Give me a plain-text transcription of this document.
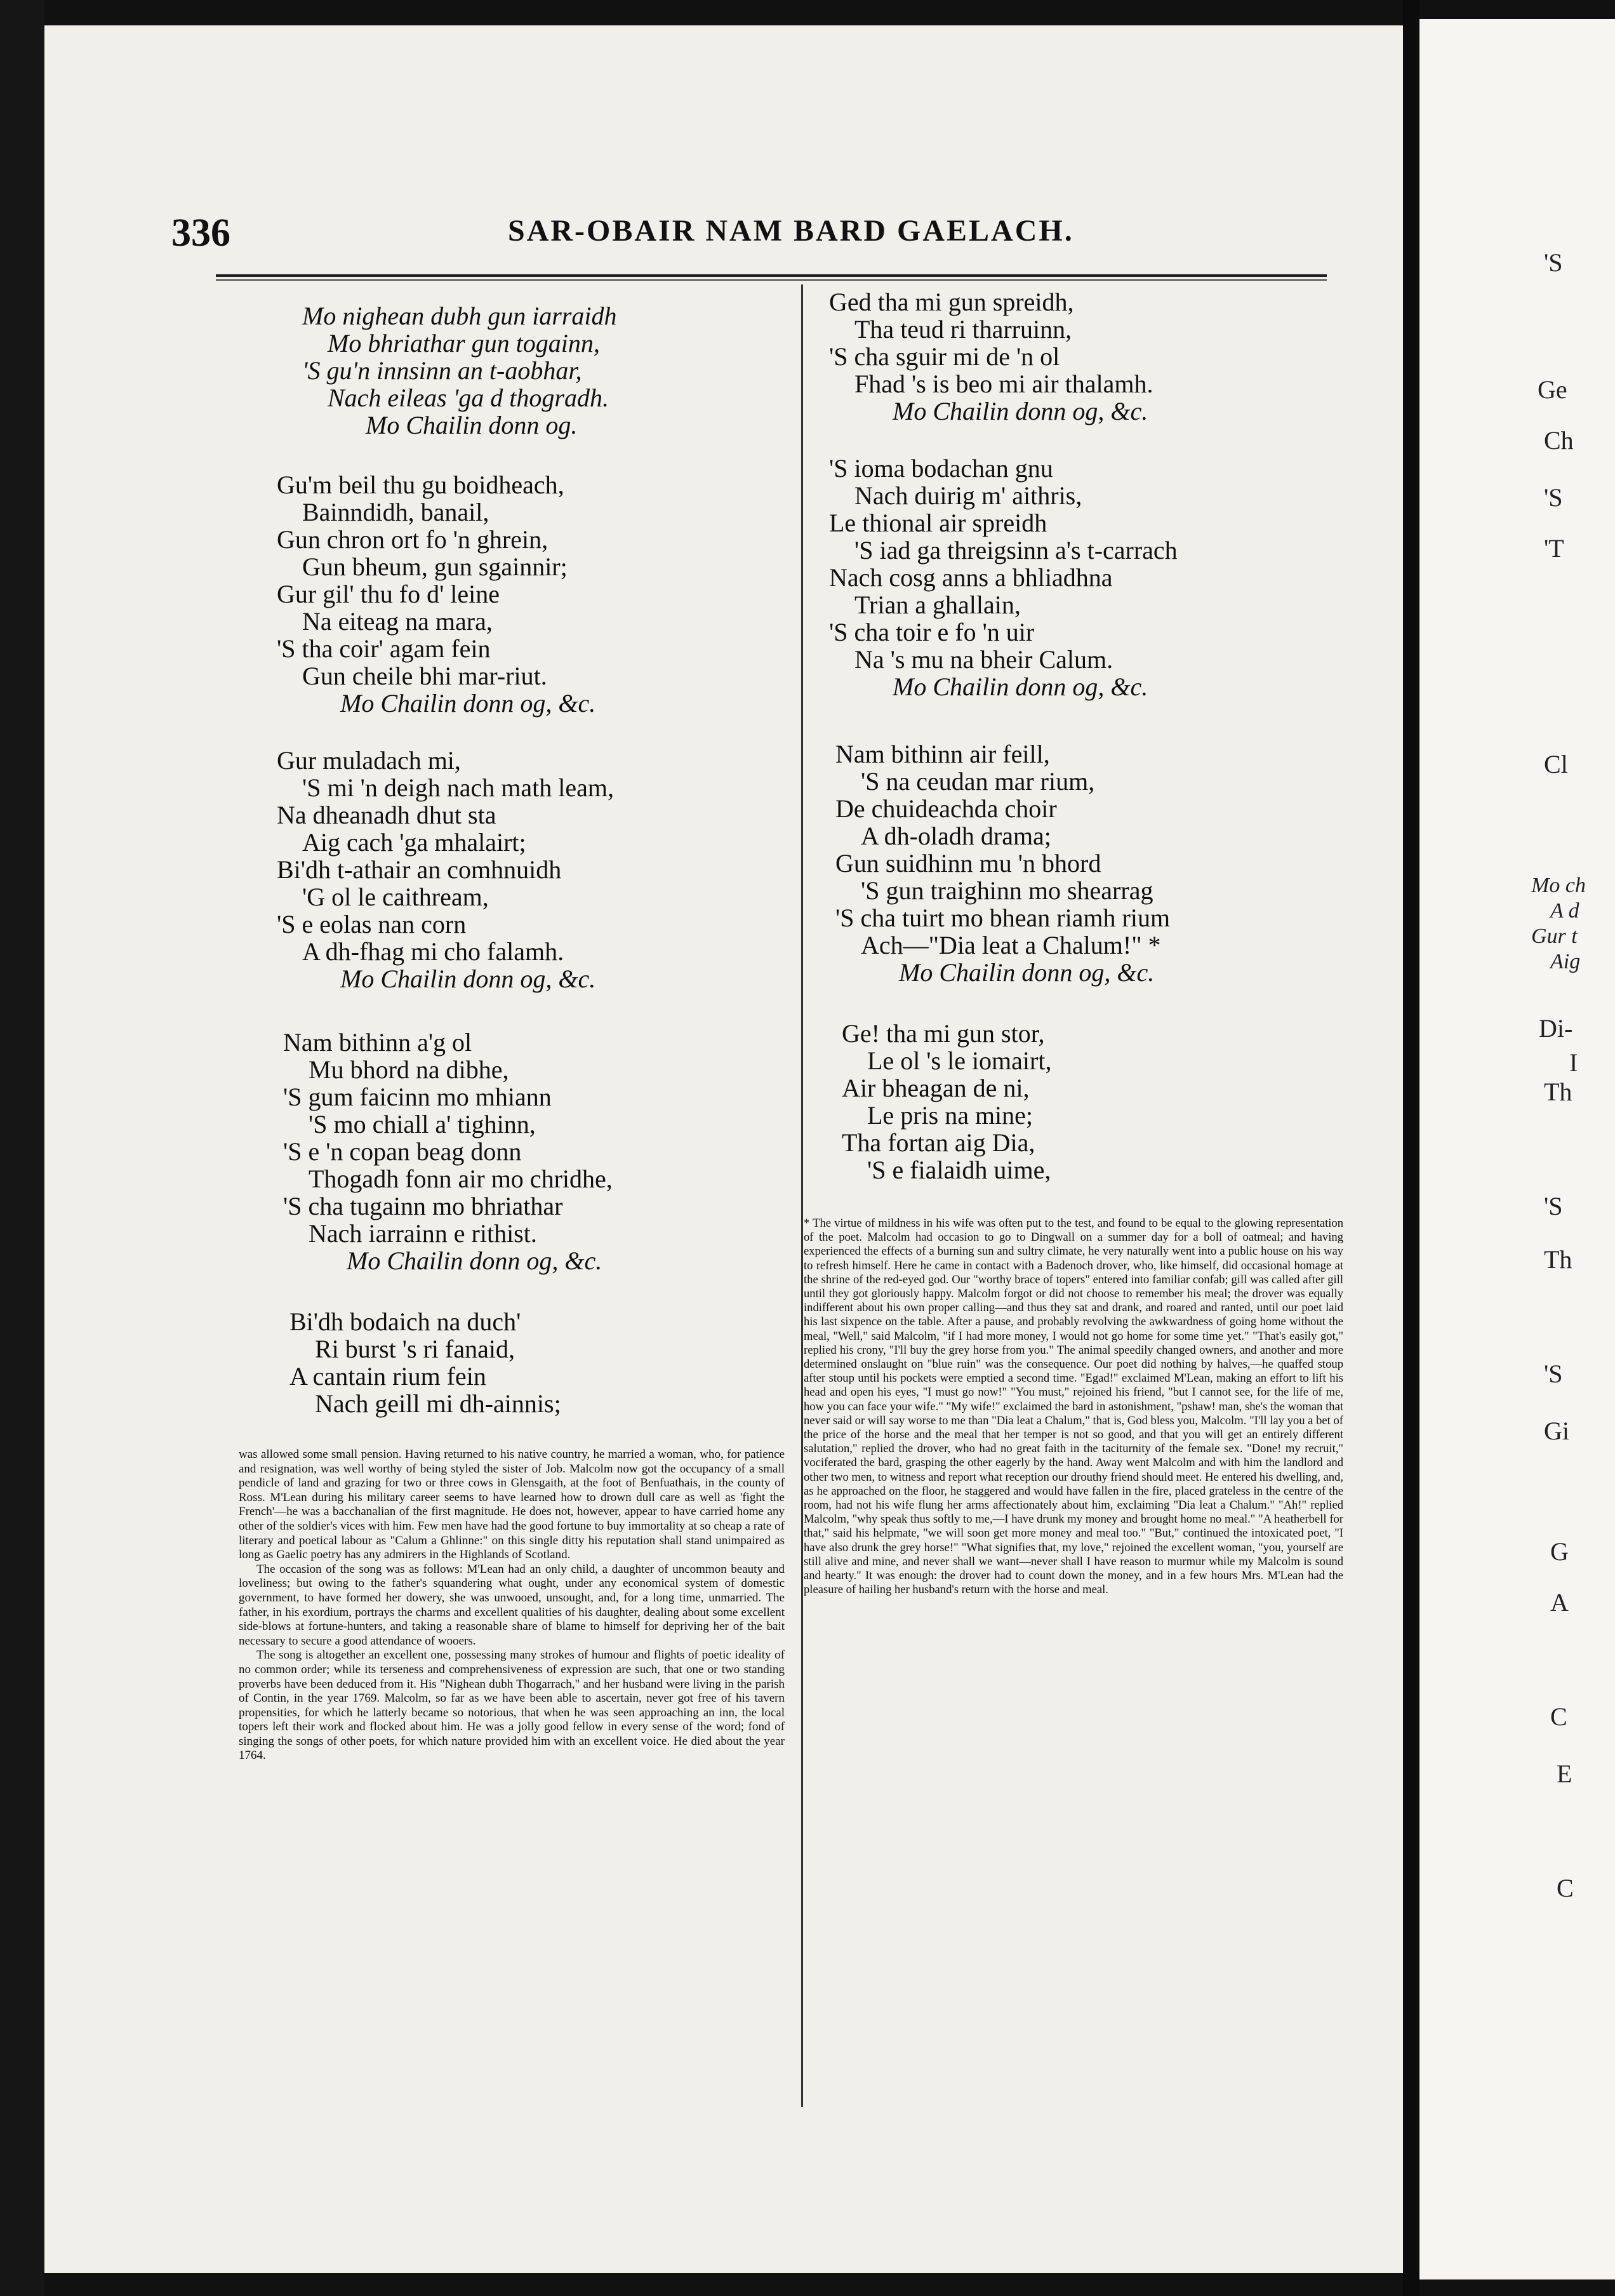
'S
Ge
Ch
'S
'T
Cl
Mo ch
A d
Gur t
Aig
Di-
I
Th
'S
Th
'S
Gi
G
A
C
E
C
336	SAR-OBAIR NAM BARD GAELACH.
Mo nighean dubh gun iarraidh
Mo bhriathar gun togainn,
'S gu'n innsinn an t-aobhar,
Nach eileas 'ga d thogradh.
Mo Chailin donn og.
Gu'm beil thu gu boidheach,
Bainndidh, banail,
Gun chron ort fo 'n ghrein,
Gun bheum, gun sgainnir;
Gur gil' thu fo d' leine
Na eiteag na mara,
'S tha coir' agam fein
Gun cheile bhi mar-riut.
Mo Chailin donn og, &c.
Gur muladach mi,
'S mi 'n deigh nach math leam,
Na dheanadh dhut sta
Aig cach 'ga mhalairt;
Bi'dh t-athair an comhnuidh
'G ol le caithream,
'S e eolas nan corn
A dh-fhag mi cho falamh.
Mo Chailin donn og, &c.
Nam bithinn a'g ol
Mu bhord na dibhe,
'S gum faicinn mo mhiann
'S mo chiall a' tighinn,
'S e 'n copan beag donn
Thogadh fonn air mo chridhe,
'S cha tugainn mo bhriathar
Nach iarrainn e rithist.
Mo Chailin donn og, &c.
Bi'dh bodaich na duch'
Ri burst 's ri fanaid,
A cantain rium fein
Nach geill mi dh-ainnis;

was allowed some small pension. Having returned to his native country, he married a woman, who, for patience and resignation, was well worthy of being styled the sister of Job. Malcolm now got the occupancy of a small pendicle of land and grazing for two or three cows in Glensgaith, at the foot of Benfuathais, in the county of Ross. M'Lean during his military career seems to have learned how to drown dull care as well as 'fight the French'—he was a bacchanalian of the first magnitude. He does not, however, appear to have carried home any other of the soldier's vices with him. Few men have had the good fortune to buy immortality at so cheap a rate of literary and poetical labour as "Calum a Ghlinne:" on this single ditty his reputation shall stand unimpaired as long as Gaelic poetry has any admirers in the Highlands of Scotland.

The occasion of the song was as follows: M'Lean had an only child, a daughter of uncommon beauty and loveliness; but owing to the father's squandering what ought, under any economical system of domestic government, to have formed her dowery, she was unwooed, unsought, and, for a long time, unmarried. The father, in his exordium, portrays the charms and excellent qualities of his daughter, dealing about some excellent side-blows at fortune-hunters, and taking a reasonable share of blame to himself for depriving her of the bait necessary to secure a good attendance of wooers.

The song is altogether an excellent one, possessing many strokes of humour and flights of poetic ideality of no common order; while its terseness and comprehensiveness of expression are such, that one or two standing proverbs have been deduced from it. His "Nighean dubh Thogarrach," and her husband were living in the parish of Contin, in the year 1769. Malcolm, so far as we have been able to ascertain, never got free of his tavern propensities, for which he latterly became so notorious, that when he was seen approaching an inn, the local topers left their work and flocked about him. He was a jolly good fellow in every sense of the word; fond of singing the songs of other poets, for which nature provided him with an excellent voice. He died about the year 1764.

Ged tha mi gun spreidh,
Tha teud ri tharruinn,
'S cha sguir mi de 'n ol
Fhad 's is beo mi air thalamh.
Mo Chailin donn og, &c.
'S ioma bodachan gnu
Nach duirig m' aithris,
Le thional air spreidh
'S iad ga threigsinn a's t-carrach
Nach cosg anns a bhliadhna
Trian a ghallain,
'S cha toir e fo 'n uir
Na 's mu na bheir Calum.
Mo Chailin donn og, &c.
Nam bithinn air feill,
'S na ceudan mar rium,
De chuideachda choir
A dh-oladh drama;
Gun suidhinn mu 'n bhord
'S gun traighinn mo shearrag
'S cha tuirt mo bhean riamh rium
Ach—"Dia leat a Chalum!" *
Mo Chailin donn og, &c.
Ge! tha mi gun stor,
Le ol 's le iomairt,
Air bheagan de ni,
Le pris na mine;
Tha fortan aig Dia,
'S e fialaidh uime,

* The virtue of mildness in his wife was often put to the test, and found to be equal to the glowing representation of the poet. Malcolm had occasion to go to Dingwall on a summer day for a boll of oatmeal; and having experienced the effects of a burning sun and sultry climate, he very naturally went into a public house on his way to refresh himself. Here he came in contact with a Badenoch drover, who, like himself, did occasional homage at the shrine of the red-eyed god. Our "worthy brace of topers" entered into familiar confab; gill was called after gill until they got gloriously happy. Malcolm forgot or did not choose to remember his meal; the drover was equally indifferent about his own proper calling—and thus they sat and drank, and roared and ranted, until our poet laid his last sixpence on the table. After a pause, and probably revolving the awkwardness of going home without the meal, "Well," said Malcolm, "if I had more money, I would not go home for some time yet." "That's easily got," replied his crony, "I'll buy the grey horse from you." The animal speedily changed owners, and another and more determined onslaught on "blue ruin" was the consequence. Our poet did nothing by halves,—he quaffed stoup after stoup until his pockets were emptied a second time. "Egad!" exclaimed M'Lean, making an effort to lift his head and open his eyes, "I must go now!" "You must," rejoined his friend, "but I cannot see, for the life of me, how you can face your wife." "My wife!" exclaimed the bard in astonishment, "pshaw! man, she's the woman that never said or will say worse to me than "Dia leat a Chalum," that is, God bless you, Malcolm. "I'll lay you a bet of the price of the horse and the meal that her temper is not so good, and that you will get an entirely different salutation," replied the drover, who had no great faith in the taciturnity of the female sex. "Done! my recruit," vociferated the bard, grasping the other eagerly by the hand. Away went Malcolm and with him the landlord and other two men, to witness and report what reception our drouthy friend should meet. He entered his dwelling, and, as he approached on the floor, he staggered and would have fallen in the fire, placed grateless in the centre of the room, had not his wife flung her arms affectionately about him, exclaiming "Dia leat a Chalum." "Ah!" replied Malcolm, "why speak thus softly to me,—I have drunk my money and brought home no meal." "A heatherbell for that," said his helpmate, "we will soon get more money and meal too." "But," continued the intoxicated poet, "I have also drunk the grey horse!" "What signifies that, my love," rejoined the excellent woman, "you, yourself are still alive and mine, and never shall we want—never shall I have reason to murmur while my Malcolm is sound and hearty." It was enough: the drover had to count down the money, and in a few hours Mrs. M'Lean had the pleasure of hailing her husband's return with the horse and meal.
